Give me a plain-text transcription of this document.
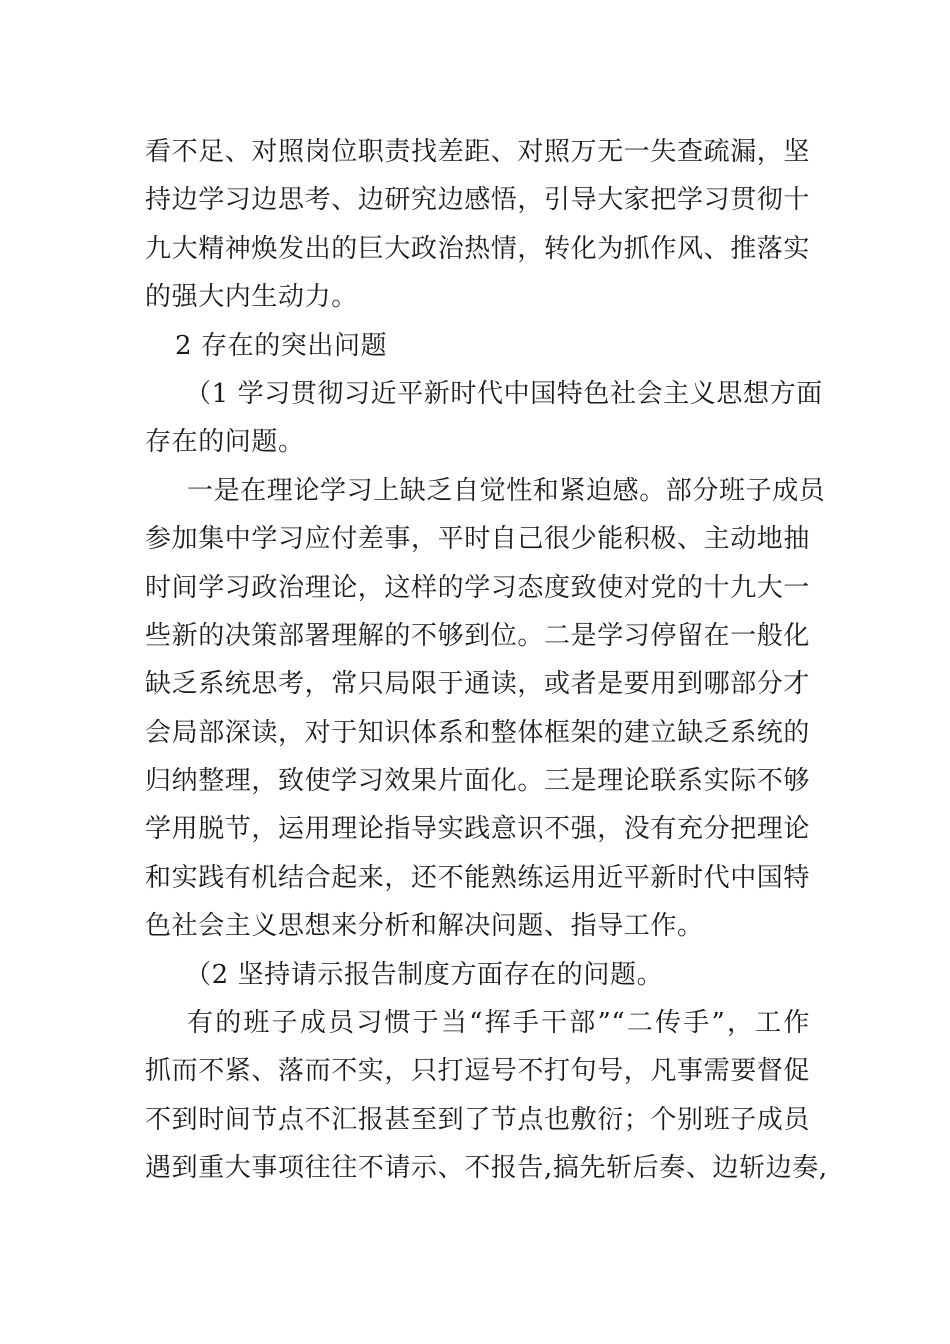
看不足、对照岗位职责找差距、对照万无一失查疏漏，坚
持边学习边思考、边研究边感悟，引导大家把学习贯彻十
九大精神焕发出的巨大政治热情，转化为抓作风、推落实
的强大内生动力。
2 存在的突出问题
（1 学习贯彻习近平新时代中国特色社会主义思想方面
存在的问题。
一是在理论学习上缺乏自觉性和紧迫感。部分班子成员
参加集中学习应付差事，平时自己很少能积极、主动地抽
时间学习政治理论，这样的学习态度致使对党的十九大一
些新的决策部署理解的不够到位。二是学习停留在一般化
缺乏系统思考，常只局限于通读，或者是要用到哪部分才
会局部深读，对于知识体系和整体框架的建立缺乏系统的
归纳整理，致使学习效果片面化。三是理论联系实际不够
学用脱节，运用理论指导实践意识不强，没有充分把理论
和实践有机结合起来，还不能熟练运用近平新时代中国特
色社会主义思想来分析和解决问题、指导工作。
（2 坚持请示报告制度方面存在的问题。
有的班子成员习惯于当“挥手干部”“二传手”，工作
抓而不紧、落而不实，只打逗号不打句号，凡事需要督促
不到时间节点不汇报甚至到了节点也敷衍；个别班子成员
遇到重大事项往往不请示、不报告,搞先斩后奏、边斩边奏,
